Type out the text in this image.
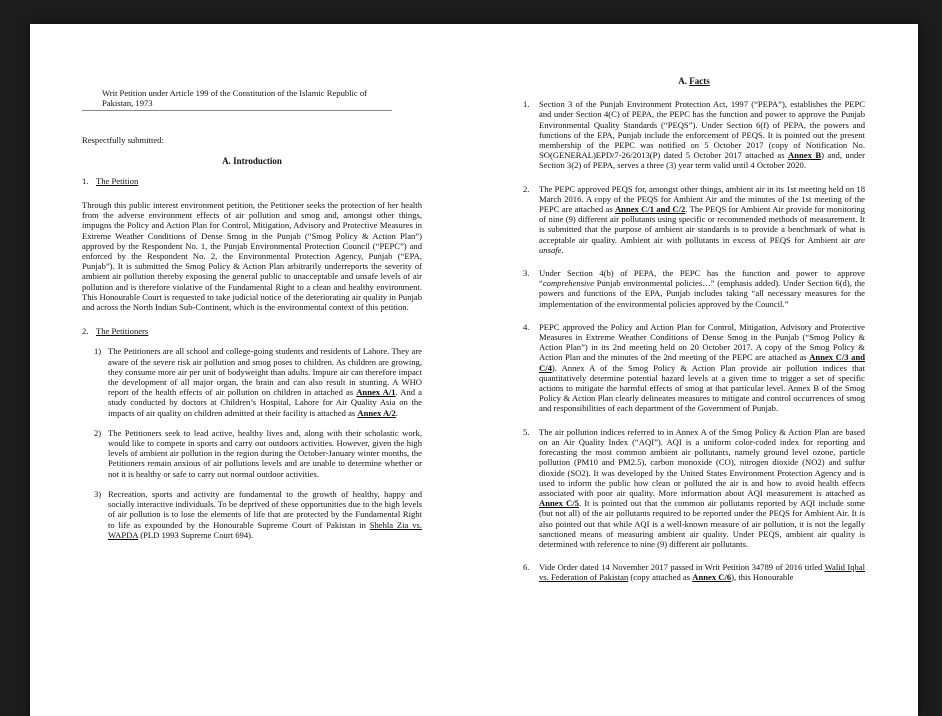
Writ Petition under Article 199 of the Constitution of the Islamic Republic of Pakistan, 1973
Respectfully submitted:
A. Introduction
1. The Petition
Through this public interest environment petition, the Petitioner seeks the protection of her health from the adverse environment effects of air pollution and smog and, amongst other things, impugns the Policy and Action Plan for Control, Mitigation, Advisory and Protective Measures in Extreme Weather Conditions of Dense Smog in the Punjab (“Smog Policy & Action Plan”) approved by the Respondent No. 1, the Punjab Environmental Protection Council (“PEPC”) and enforced by the Respondent No. 2, the Environmental Protection Agency, Punjab (“EPA, Punjab”). It is submitted the Smog Policy & Action Plan arbitrarily underreports the severity of ambient air pollution thereby exposing the general public to unacceptable and unsafe levels of air pollution and is therefore violative of the Fundamental Right to a clean and healthy environment. This Honourable Court is requested to take judicial notice of the deteriorating air quality in Punjab and across the North Indian Sub-Continent, which is the environmental context of this petition.
2. The Petitioners
1) The Petitioners are all school and college-going students and residents of Lahore. They are aware of the severe risk air pollution and smog poses to children. As children are growing, they consume more air per unit of bodyweight than adults. Impure air can therefore impact the development of all major organ, the brain and can also result in stunting. A WHO report of the health effects of air pollution on children in attached as Annex A/1. And a study conducted by doctors at Children’s Hospital, Lahore for Air Quality Asia on the impacts of air quality on children admitted at their facility is attached as Annex A/2.
2) The Petitioners seek to lead active, healthy lives and, along with their scholastic work, would like to compete in sports and carry out outdoors activities. However, given the high levels of ambient air pollution in the region during the October-January winter months, the Petitioners remain anxious of air pollutions levels and are unable to determine whether or not it is healthy or safe to carry out normal outdoor activities.
3) Recreation, sports and activity are fundamental to the growth of healthy, happy and socially interactive individuals. To be deprived of these opportunities due to the high levels of air pollution is to lose the elements of life that are protected by the Fundamental Right to life as expounded by the Honourable Supreme Court of Pakistan in Shehla Zia vs. WAPDA (PLD 1993 Supreme Court 694).
A. Facts
1.	Section 3 of the Punjab Environment Protection Act, 1997 (“PEPA”), establishes the PEPC and under Section 4(C) of PEPA, the PEPC has the function and power to approve the Punjab Environmental Quality Standards (“PEQS”). Under Section 6(f) of PEPA, the powers and functions of the EPA, Punjab include the enforcement of PEQS. It is pointed out the present membership of the PEPC was notified on 5 October 2017 (copy of Notification No. SO(GENERAL)EPD/7-26/2013(P) dated 5 October 2017 attached as Annex B) and, under Section 3(2) of PEPA, serves a three (3) year term valid until 4 October 2020.
2.	The PEPC approved PEQS for, amongst other things, ambient air in its 1st meeting held on 18 March 2016. A copy of the PEQS for Ambient Air and the minutes of the 1st meeting of the PEPC are attached as Annex C/1 and C/2. The PEQS for Ambient Air provide for monitoring of nine (9) different air pollutants using specific or recommended methods of measurement. It is submitted that the purpose of ambient air standards is to provide a benchmark of what is acceptable air quality. Ambient air with pollutants in excess of PEQS for Ambient air are unsafe.
3.	Under Section 4(b) of PEPA, the PEPC has the function and power to approve “comprehensive Punjab environmental policies…” (emphasis added). Under Section 6(d), the powers and functions of the EPA, Punjab includes taking “all necessary measures for the implementation of the environmental policies approved by the Council.”
4.	PEPC approved the Policy and Action Plan for Control, Mitigation, Advisory and Protective Measures in Extreme Weather Conditions of Dense Smog in the Punjab (“Smog Policy & Action Plan”) in its 2nd meeting held on 20 October 2017. A copy of the Smog Policy & Action Plan and the minutes of the 2nd meeting of the PEPC are attached as Annex C/3 and C/4). Annex A of the Smog Policy & Action Plan provide air pollution indices that quantitatively determine potential hazard levels at a given time to trigger a set of specific actions to mitigate the harmful effects of smog at that particular level. Annex B of the Smog Policy & Action Plan clearly delineates measures to mitigate and control occurrences of smog and responsibilities of each department of the Government of Punjab.
5.	The air pollution indices referred to in Annex A of the Smog Policy & Action Plan are based on an Air Quality Index (“AQI”). AQI is a uniform color-coded index for reporting and forecasting the most common ambient air pollutants, namely ground level ozone, particle pollution (PM10 and PM2.5), carbon monoxide (CO), nitrogen dioxide (NO2) and sulfur dioxide (SO2). It was developed by the United States Environment Protection Agency and is used to inform the public how clean or polluted the air is and how to avoid health effects associated with poor air quality. More information about AQI measurement is attached as Annex C/5. It is pointed out that the common air pollutants reported by AQI include some (but not all) of the air pollutants required to be reported under the PEQS for Ambient Air. It is also pointed out that while AQI is a well-known measure of air pollution, it is not the legally sanctioned means of measuring ambient air quality. Under PEQS, ambient air quality is determined with reference to nine (9) different air pollutants.
6.	Vide Order dated 14 November 2017 passed in Writ Petition 34789 of 2016 titled Walid Iqbal vs. Federation of Pakistan (copy attached as Annex C/6), this Honourable
